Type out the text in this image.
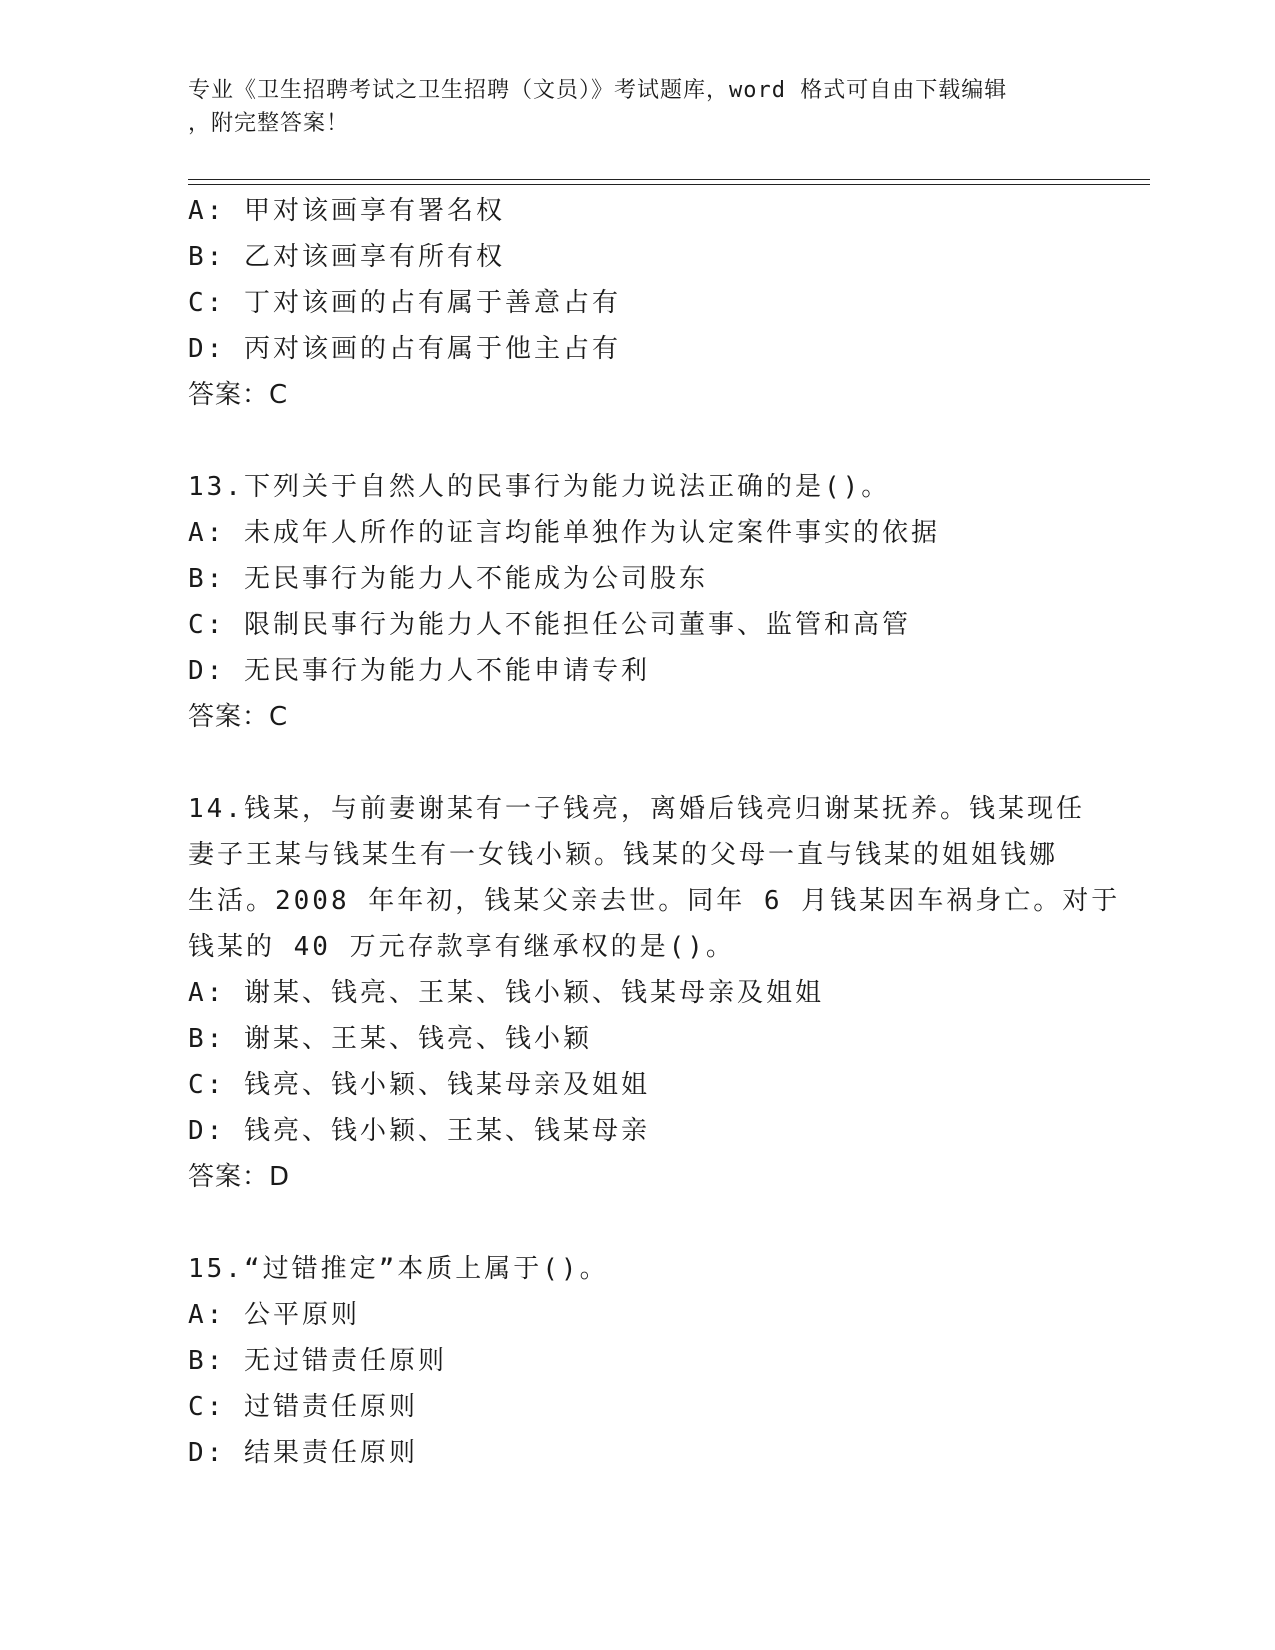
专业《卫生招聘考试之卫生招聘（文员）》考试题库，word 格式可自由下载编辑
，附完整答案！
A: 甲对该画享有署名权
B: 乙对该画享有所有权
C: 丁对该画的占有属于善意占有
D: 丙对该画的占有属于他主占有
答案：C
13.下列关于自然人的民事行为能力说法正确的是()。
A: 未成年人所作的证言均能单独作为认定案件事实的依据
B: 无民事行为能力人不能成为公司股东
C: 限制民事行为能力人不能担任公司董事、监管和高管
D: 无民事行为能力人不能申请专利
答案：C
14.钱某，与前妻谢某有一子钱亮，离婚后钱亮归谢某抚养。钱某现任
妻子王某与钱某生有一女钱小颖。钱某的父母一直与钱某的姐姐钱娜
生活。2008 年年初，钱某父亲去世。同年 6 月钱某因车祸身亡。对于
钱某的 40 万元存款享有继承权的是()。
A: 谢某、钱亮、王某、钱小颖、钱某母亲及姐姐
B: 谢某、王某、钱亮、钱小颖
C: 钱亮、钱小颖、钱某母亲及姐姐
D: 钱亮、钱小颖、王某、钱某母亲
答案：D
15.“过错推定”本质上属于()。
A: 公平原则
B: 无过错责任原则
C: 过错责任原则
D: 结果责任原则
